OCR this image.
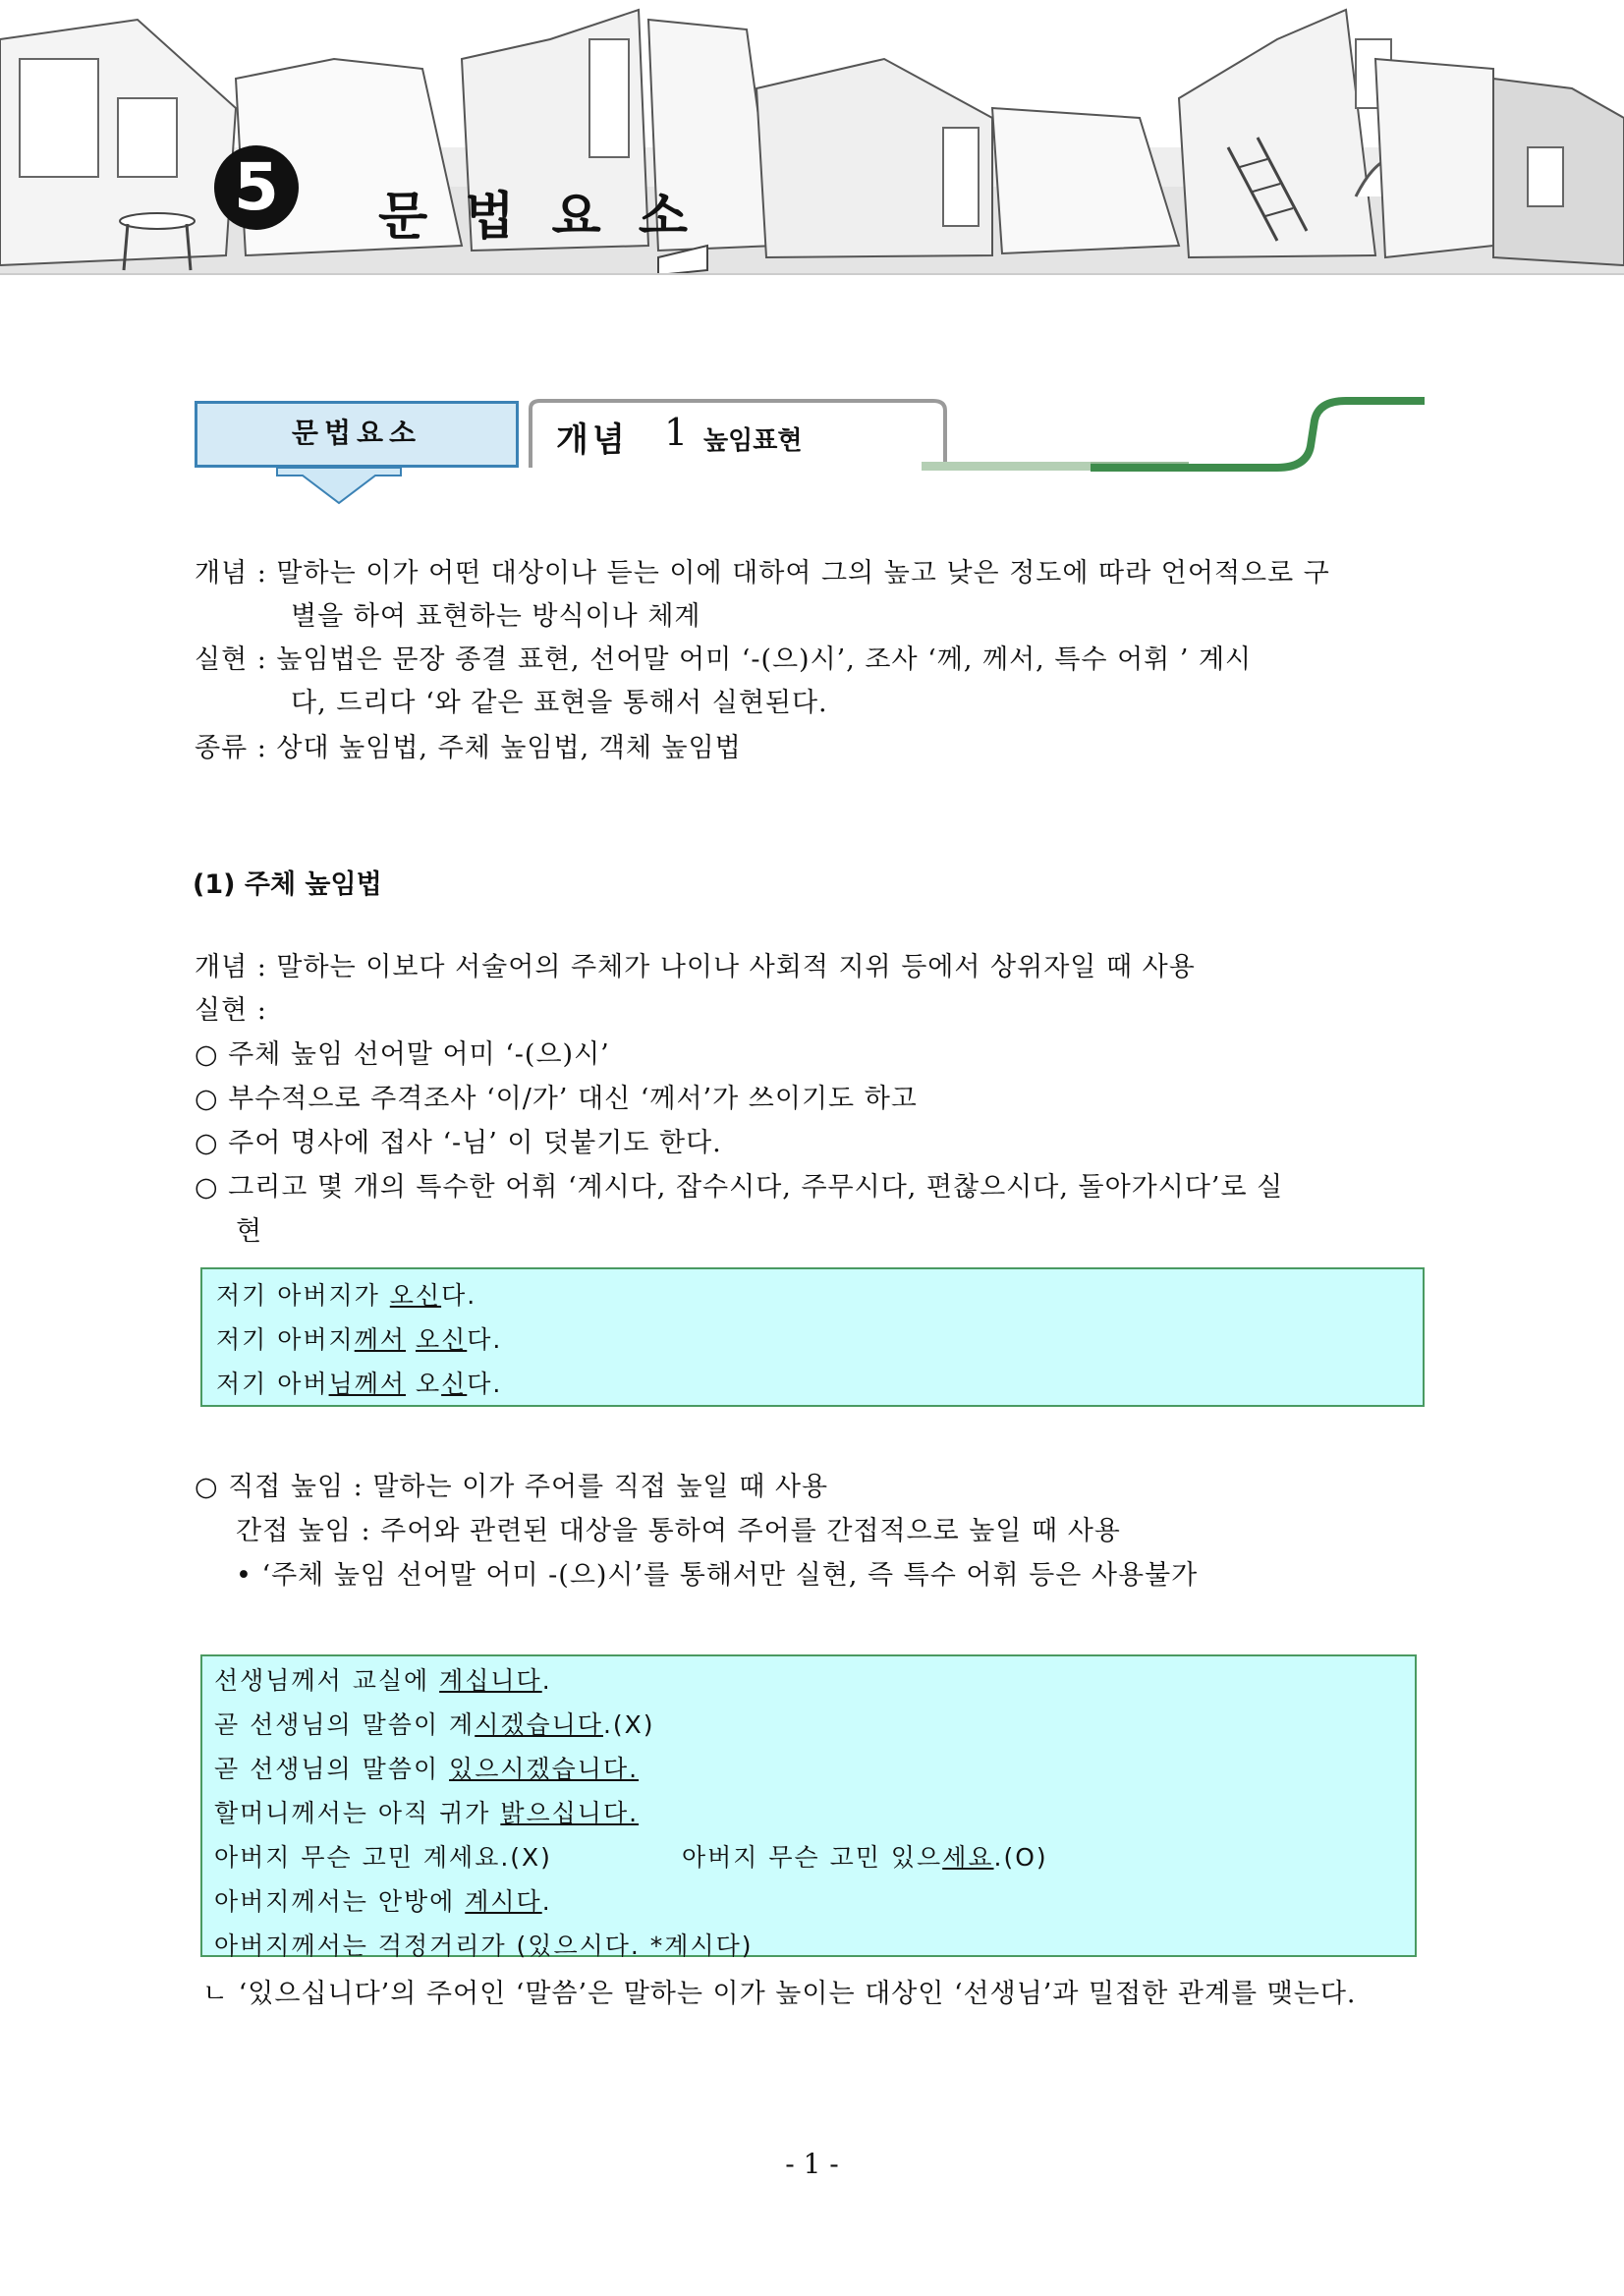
5	문법요소
문법요소	개념 1 높임표현
개념 : 말하는 이가 어떤 대상이나 듣는 이에 대하여 그의 높고 낮은 정도에 따라 언어적으로 구
별을 하여 표현하는 방식이나 체계
실현 : 높임법은 문장 종결 표현, 선어말 어미 ‘-(으)시’, 조사 ‘께, 께서, 특수 어휘 ’ 계시
다, 드리다 ‘와 같은 표현을 통해서 실현된다.
종류 : 상대 높임법, 주체 높임법, 객체 높임법
(1) 주체 높임법
개념 : 말하는 이보다 서술어의 주체가 나이나 사회적 지위 등에서 상위자일 때 사용
실현 :
○ 주체 높임 선어말 어미 ‘-(으)시’
○ 부수적으로 주격조사 ‘이/가’ 대신 ‘께서’가 쓰이기도 하고
○ 주어 명사에 접사 ‘-님’ 이 덧붙기도 한다.
○ 그리고 몇 개의 특수한 어휘 ‘계시다, 잡수시다, 주무시다, 편찮으시다, 돌아가시다’로 실
현
저기 아버지가 오신다.
저기 아버지께서 오신다.
저기 아버님께서 오신다.
○ 직접 높임 : 말하는 이가 주어를 직접 높일 때 사용
간접 높임 : 주어와 관련된 대상을 통하여 주어를 간접적으로 높일 때 사용
• ‘주체 높임 선어말 어미 -(으)시’를 통해서만 실현, 즉 특수 어휘 등은 사용불가
선생님께서 교실에 계십니다.
곧 선생님의 말씀이 계시겠습니다.(X)
곧 선생님의 말씀이 있으시겠습니다.
할머니께서는 아직 귀가 밝으십니다.
아버지 무슨 고민 계세요.(X)	아버지 무슨 고민 있으세요.(O)
아버지께서는 안방에 계시다.
아버지께서는 걱정거리가 (있으시다. *계시다)
ㄴ ‘있으십니다’의 주어인 ‘말씀’은 말하는 이가 높이는 대상인 ‘선생님’과 밀접한 관계를 맺는다.
- 1 -
